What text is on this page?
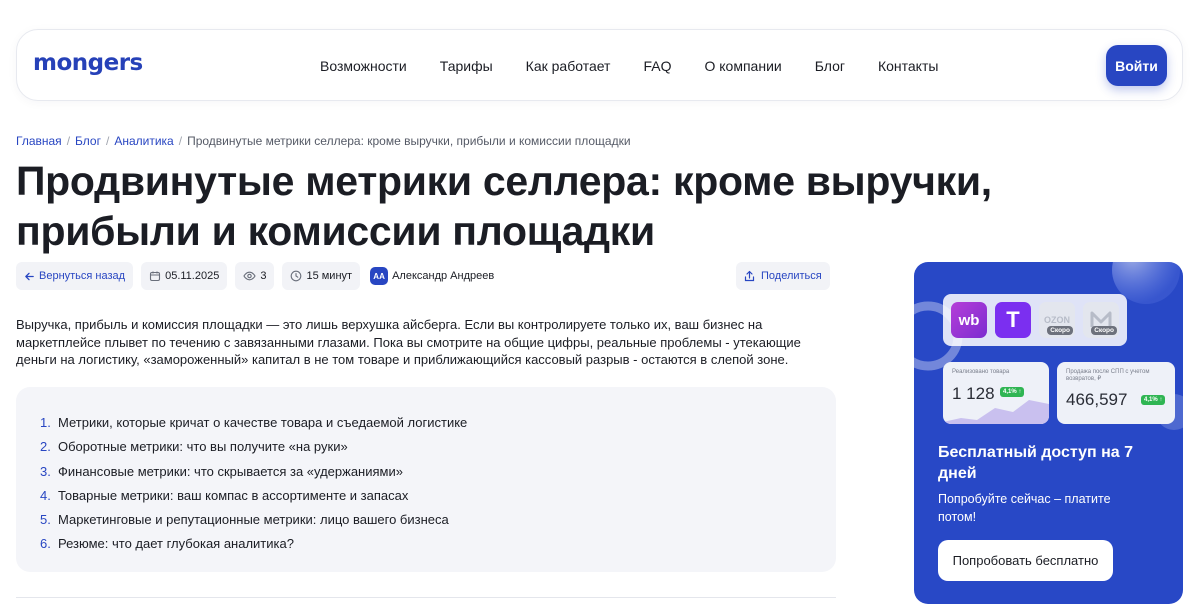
mongers	Возможности Тарифы Как работает FAQ О компании Блог Контакты	Войти
Главная / Блог / Аналитика / Продвинутые метрики селлера: кроме выручки, прибыли и комиссии площадки
Продвинутые метрики селлера: кроме выручки, прибыли и комиссии площадки
Вернуться назад	05.11.2025	3	15 минут	АА Александр Андреев	Поделиться

Выручка, прибыль и комиссия площадки — это лишь верхушка айсберга. Если вы контролируете только их, ваш бизнес на маркетплейсе плывет по течению с завязанными глазами. Пока вы смотрите на общие цифры, реальные проблемы - утекающие деньги на логистику, «замороженный» капитал в не том товаре и приближающийся кассовый разрыв - остаются в слепой зоне.

1. Метрики, которые кричат о качестве товара и съедаемой логистике
2. Оборотные метрики: что вы получите «на руки»
3. Финансовые метрики: что скрывается за «удержаниями»
4. Товарные метрики: ваш компас в ассортименте и запасах
5. Маркетинговые и репутационные метрики: лицо вашего бизнеса
6. Резюме: что дает глубокая аналитика?
wb	T	OZON
Скоро	Скоро
Реализовано товара
1 128	4,1% ↑
Продажа после СПП с учетом возвратов, ₽
466,597	4,1% ↑
Бесплатный доступ на 7 дней
Попробуйте сейчас – платите потом!
Попробовать бесплатно
